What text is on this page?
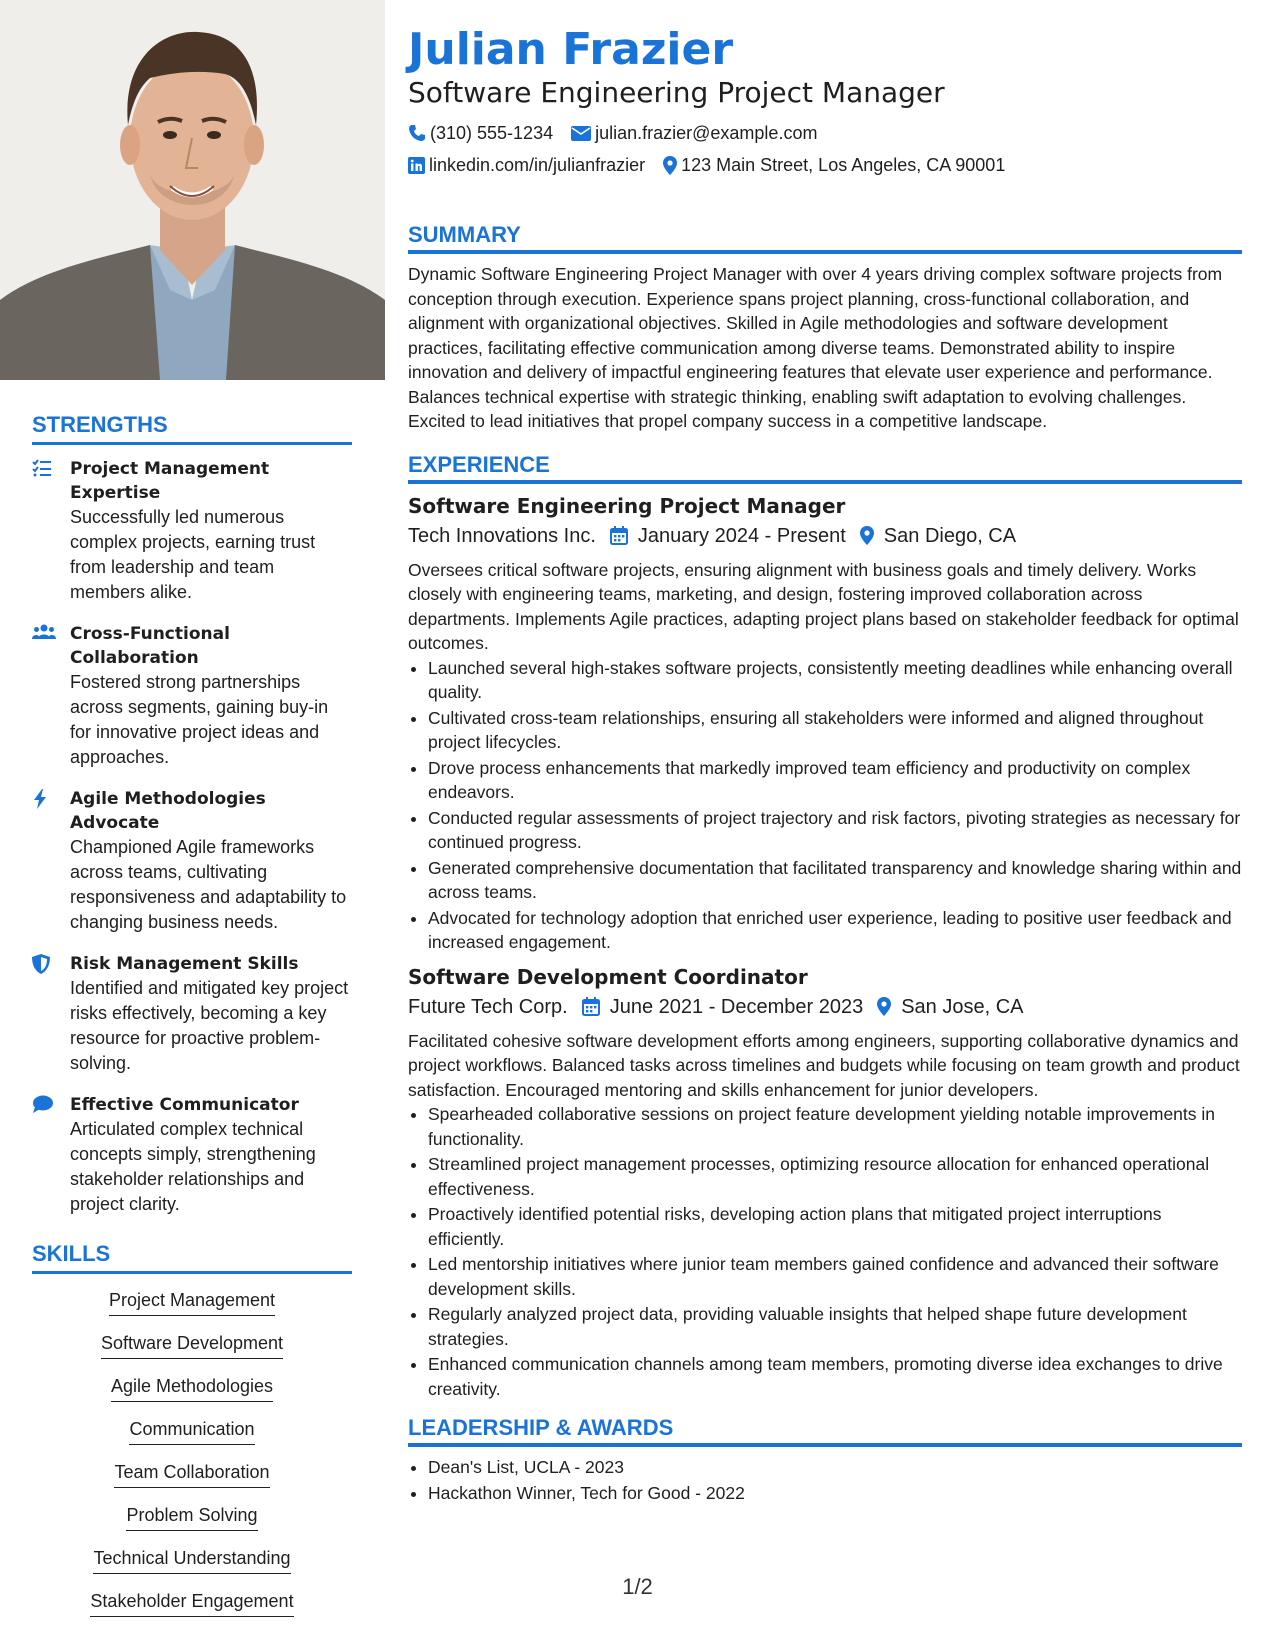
STRENGTHS
Project Management Expertise
Successfully led numerous complex projects, earning trust from leadership and team members alike.
Cross-Functional Collaboration
Fostered strong partnerships across segments, gaining buy-in for innovative project ideas and approaches.
Agile Methodologies Advocate
Championed Agile frameworks across teams, cultivating responsiveness and adaptability to changing business needs.
Risk Management Skills
Identified and mitigated key project risks effectively, becoming a key resource for proactive problem-solving.
Effective Communicator
Articulated complex technical concepts simply, strengthening stakeholder relationships and project clarity.
SKILLS
Project Management
Software Development
Agile Methodologies
Communication
Team Collaboration
Problem Solving
Technical Understanding
Stakeholder Engagement
Julian Frazier
Software Engineering Project Manager
(310) 555-1234 julian.frazier@example.com
linkedin.com/in/julianfrazier 123 Main Street, Los Angeles, CA 90001
SUMMARY

Dynamic Software Engineering Project Manager with over 4 years driving complex software projects from conception through execution. Experience spans project planning, cross-functional collaboration, and alignment with organizational objectives. Skilled in Agile methodologies and software development practices, facilitating effective communication among diverse teams. Demonstrated ability to inspire innovation and delivery of impactful engineering features that elevate user experience and performance. Balances technical expertise with strategic thinking, enabling swift adaptation to evolving challenges. Excited to lead initiatives that propel company success in a competitive landscape.

EXPERIENCE
Software Engineering Project Manager
Tech Innovations Inc. January 2024 - Present San Diego, CA

Oversees critical software projects, ensuring alignment with business goals and timely delivery. Works closely with engineering teams, marketing, and design, fostering improved collaboration across departments. Implements Agile practices, adapting project plans based on stakeholder feedback for optimal outcomes.

• Launched several high-stakes software projects, consistently meeting deadlines while enhancing overall quality.
• Cultivated cross-team relationships, ensuring all stakeholders were informed and aligned throughout project lifecycles.
• Drove process enhancements that markedly improved team efficiency and productivity on complex endeavors.
• Conducted regular assessments of project trajectory and risk factors, pivoting strategies as necessary for continued progress.
• Generated comprehensive documentation that facilitated transparency and knowledge sharing within and across teams.
• Advocated for technology adoption that enriched user experience, leading to positive user feedback and increased engagement.
Software Development Coordinator
Future Tech Corp. June 2021 - December 2023 San Jose, CA

Facilitated cohesive software development efforts among engineers, supporting collaborative dynamics and project workflows. Balanced tasks across timelines and budgets while focusing on team growth and product satisfaction. Encouraged mentoring and skills enhancement for junior developers.

• Spearheaded collaborative sessions on project feature development yielding notable improvements in functionality.
• Streamlined project management processes, optimizing resource allocation for enhanced operational effectiveness.
• Proactively identified potential risks, developing action plans that mitigated project interruptions efficiently.
• Led mentorship initiatives where junior team members gained confidence and advanced their software development skills.
• Regularly analyzed project data, providing valuable insights that helped shape future development strategies.
• Enhanced communication channels among team members, promoting diverse idea exchanges to drive creativity.
LEADERSHIP & AWARDS
• Dean's List, UCLA - 2023
• Hackathon Winner, Tech for Good - 2022
1/2
